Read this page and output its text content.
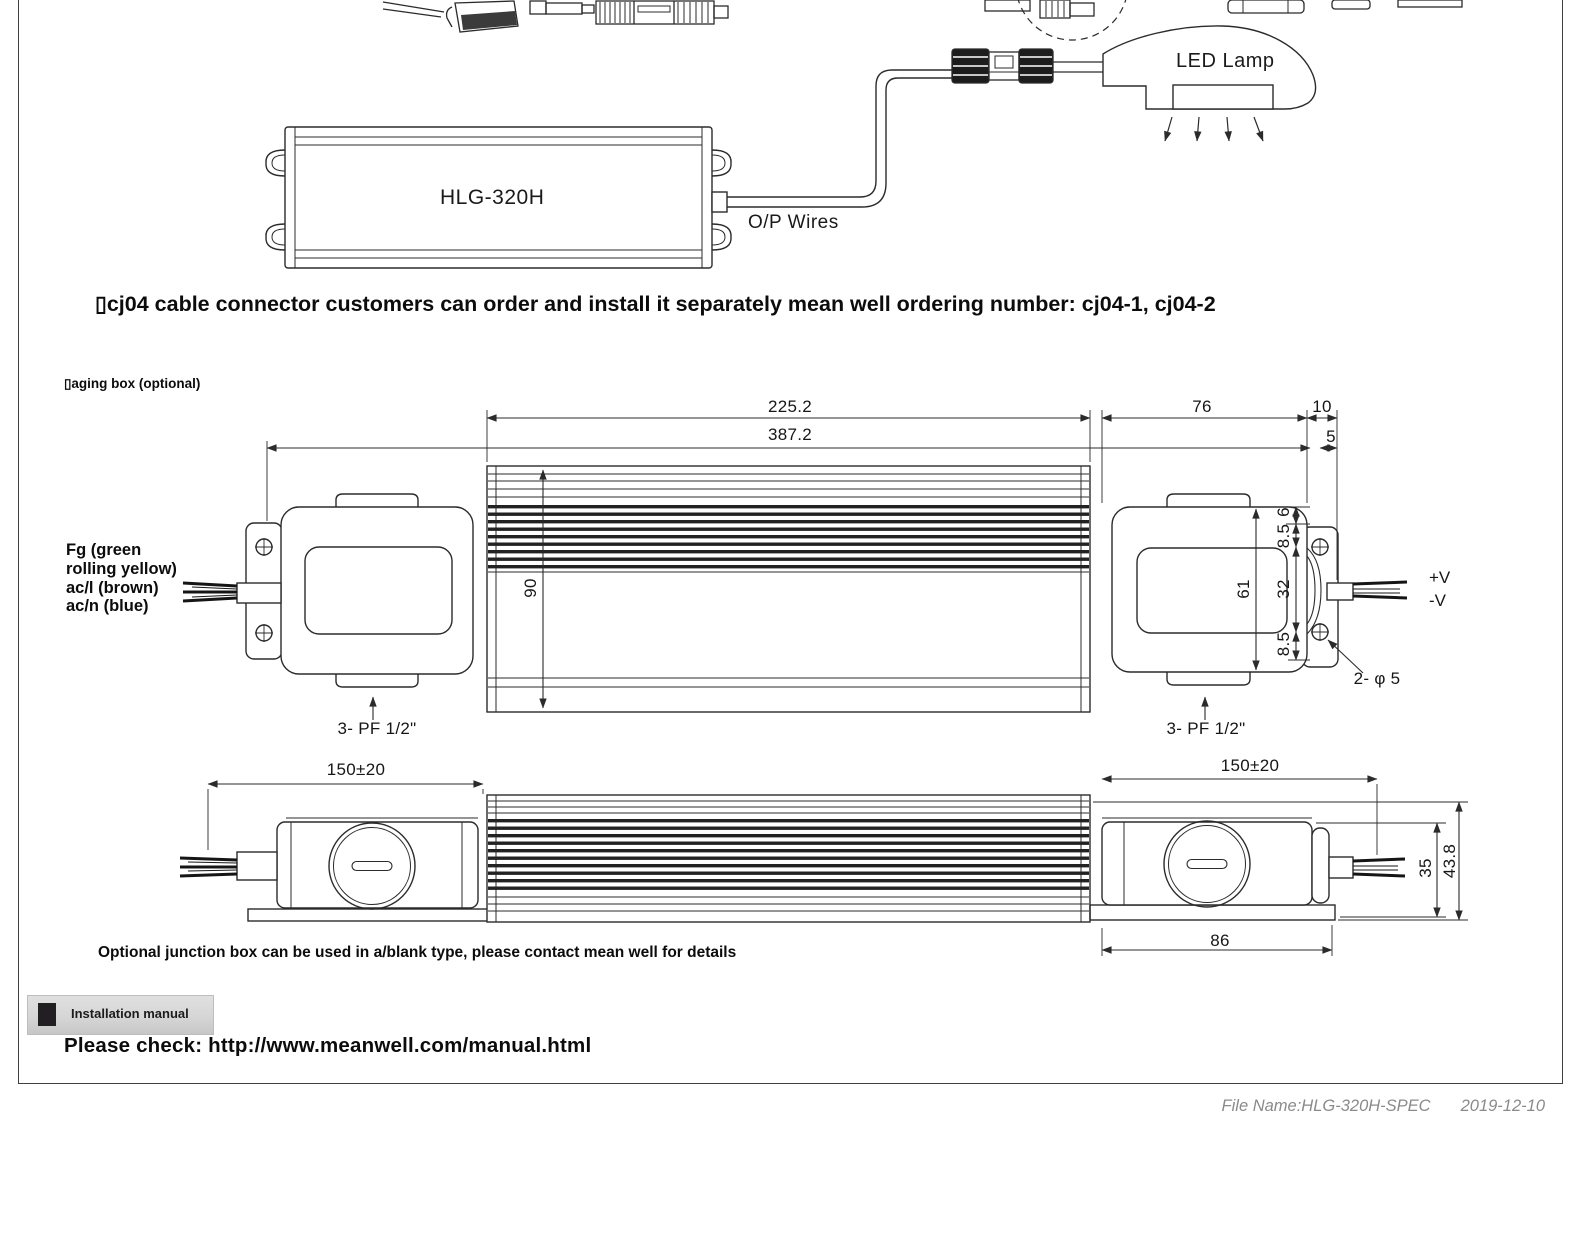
HLG-320H
O/P Wires
LED Lamp
▯cj04 cable connector customers can order and install it separately mean well ordering number: cj04-1, cj04-2
▯aging box (optional)
Fg (green
rolling yellow)
ac/l (brown)
ac/n (blue)
+V
-V
225.2
387.2
76	10
5
90	61 32
6
8.5
8.5
2- φ 5
3- PF 1/2"	3- PF 1/2"
150±20	150±20
35 43.8
86
Optional junction box can be used in a/blank type, please contact mean well for details
Installation manual
Please check: http://www.meanwell.com/manual.html
File Name:HLG-320H-SPEC 2019-12-10
